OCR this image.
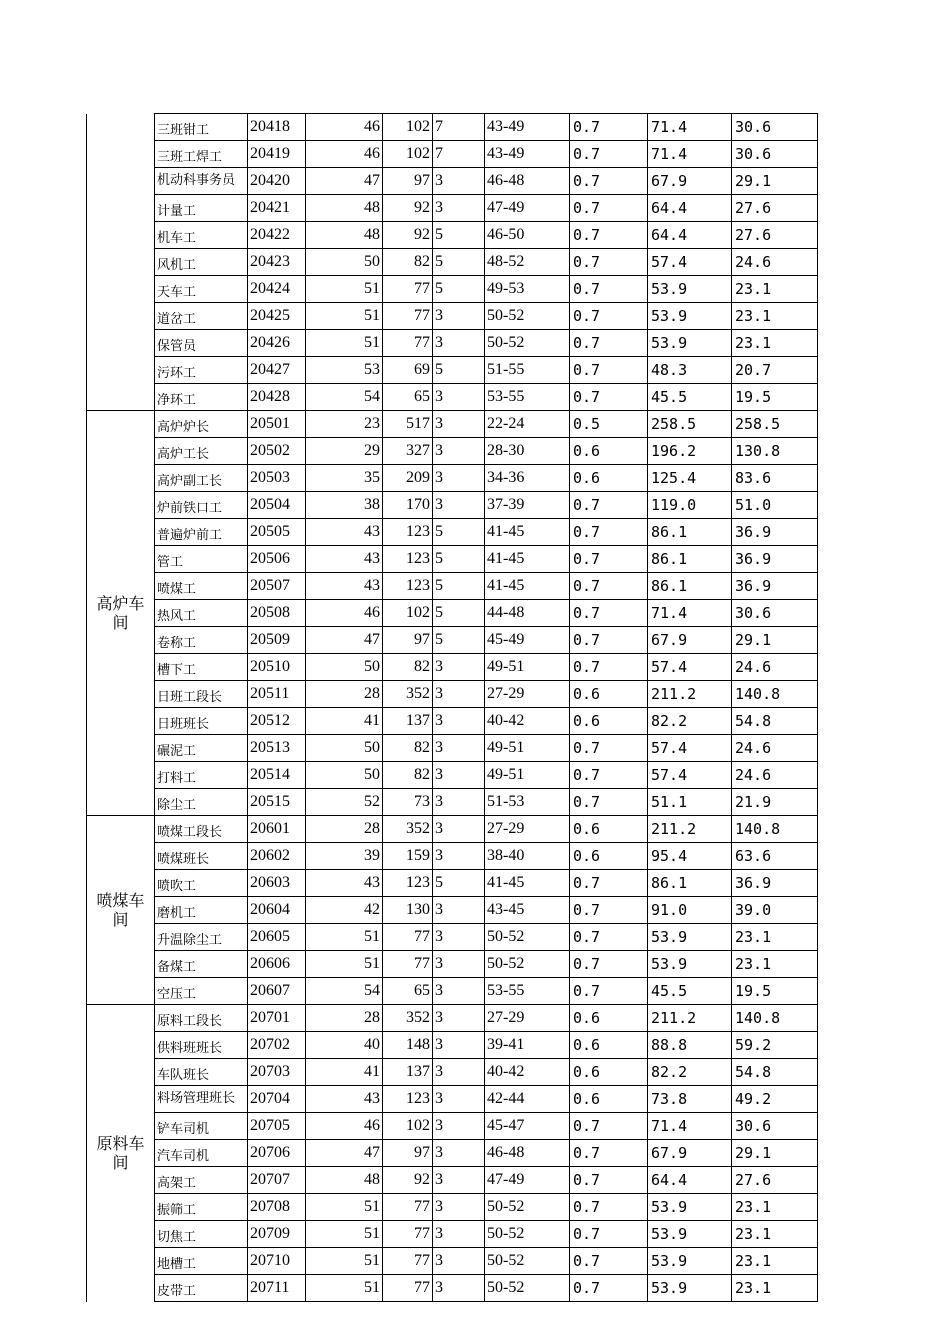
	三班钳工	20418	46	102	7	43-49	0.7	71.4	30.6
	三班工焊工	20419	46	102	7	43-49	0.7	71.4	30.6
	机动科事务员	20420	47	97	3	46-48	0.7	67.9	29.1
	计量工	20421	48	92	3	47-49	0.7	64.4	27.6
	机车工	20422	48	92	5	46-50	0.7	64.4	27.6
	风机工	20423	50	82	5	48-52	0.7	57.4	24.6
	天车工	20424	51	77	5	49-53	0.7	53.9	23.1
	道岔工	20425	51	77	3	50-52	0.7	53.9	23.1
	保管员	20426	51	77	3	50-52	0.7	53.9	23.1
	污环工	20427	53	69	5	51-55	0.7	48.3	20.7
	净环工	20428	54	65	3	53-55	0.7	45.5	19.5
高炉车间	高炉炉长	20501	23	517	3	22-24	0.5	258.5	258.5
	高炉工长	20502	29	327	3	28-30	0.6	196.2	130.8
	高炉副工长	20503	35	209	3	34-36	0.6	125.4	83.6
	炉前铁口工	20504	38	170	3	37-39	0.7	119.0	51.0
	普遍炉前工	20505	43	123	5	41-45	0.7	86.1	36.9
	管工	20506	43	123	5	41-45	0.7	86.1	36.9
	喷煤工	20507	43	123	5	41-45	0.7	86.1	36.9
	热风工	20508	46	102	5	44-48	0.7	71.4	30.6
	卷称工	20509	47	97	5	45-49	0.7	67.9	29.1
	槽下工	20510	50	82	3	49-51	0.7	57.4	24.6
	日班工段长	20511	28	352	3	27-29	0.6	211.2	140.8
	日班班长	20512	41	137	3	40-42	0.6	82.2	54.8
	碾泥工	20513	50	82	3	49-51	0.7	57.4	24.6
	打料工	20514	50	82	3	49-51	0.7	57.4	24.6
	除尘工	20515	52	73	3	51-53	0.7	51.1	21.9
喷煤车间	喷煤工段长	20601	28	352	3	27-29	0.6	211.2	140.8
	喷煤班长	20602	39	159	3	38-40	0.6	95.4	63.6
	喷吹工	20603	43	123	5	41-45	0.7	86.1	36.9
	磨机工	20604	42	130	3	43-45	0.7	91.0	39.0
	升温除尘工	20605	51	77	3	50-52	0.7	53.9	23.1
	备煤工	20606	51	77	3	50-52	0.7	53.9	23.1
	空压工	20607	54	65	3	53-55	0.7	45.5	19.5
原料车间	原料工段长	20701	28	352	3	27-29	0.6	211.2	140.8
	供料班班长	20702	40	148	3	39-41	0.6	88.8	59.2
	车队班长	20703	41	137	3	40-42	0.6	82.2	54.8
	料场管理班长	20704	43	123	3	42-44	0.6	73.8	49.2
	铲车司机	20705	46	102	3	45-47	0.7	71.4	30.6
	汽车司机	20706	47	97	3	46-48	0.7	67.9	29.1
	高架工	20707	48	92	3	47-49	0.7	64.4	27.6
	振筛工	20708	51	77	3	50-52	0.7	53.9	23.1
	切焦工	20709	51	77	3	50-52	0.7	53.9	23.1
	地槽工	20710	51	77	3	50-52	0.7	53.9	23.1
	皮带工	20711	51	77	3	50-52	0.7	53.9	23.1
